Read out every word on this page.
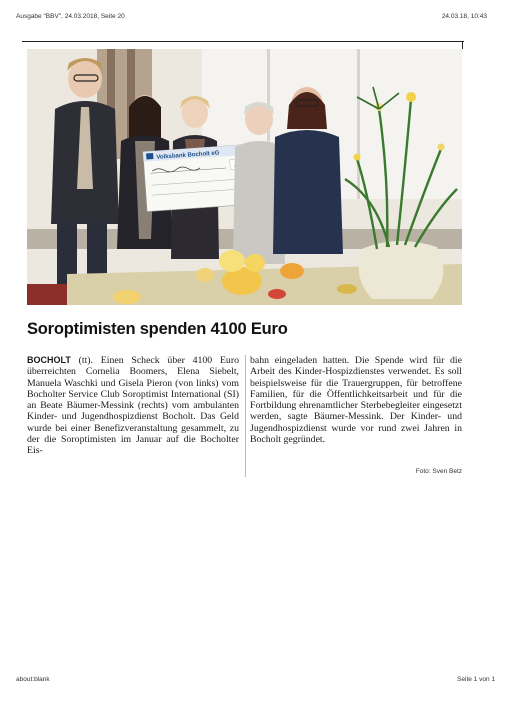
Ausgabe "BBV", 24.03.2018, Seite 20	24.03.18, 10:43
Volksbank Bocholt eG
Soroptimisten spenden 4100 Euro
BOCHOLT (tt). Einen Scheck über 4100 Euro überreichten Cornelia Boomers, Elena Siebelt, Manuela Waschki und Gisela Pieron (von links) vom Bocholter Service Club Soroptimist International (SI) an Beate Bäumer-Messink (rechts) vom ambulanten Kinder- und Jugendhospizdienst Bocholt. Das Geld wurde bei einer Benefizveranstaltung gesammelt, zu der die Soroptimisten im Januar auf die Bocholter Eis-
bahn eingeladen hatten. Die Spende wird für die Arbeit des Kinder-Hospizdienstes verwendet. Es soll beispielsweise für die Trauergruppen, für betroffene Familien, für die Öffentlichkeitsarbeit und für die Fortbildung ehrenamtlicher Sterbebegleiter eingesetzt werden, sagte Bäumer-Messink. Der Kinder- und Jugendhospizdienst wurde vor rund zwei Jahren in Bocholt gegründet.
Foto: Sven Betz
about:blank	Seite 1 von 1
